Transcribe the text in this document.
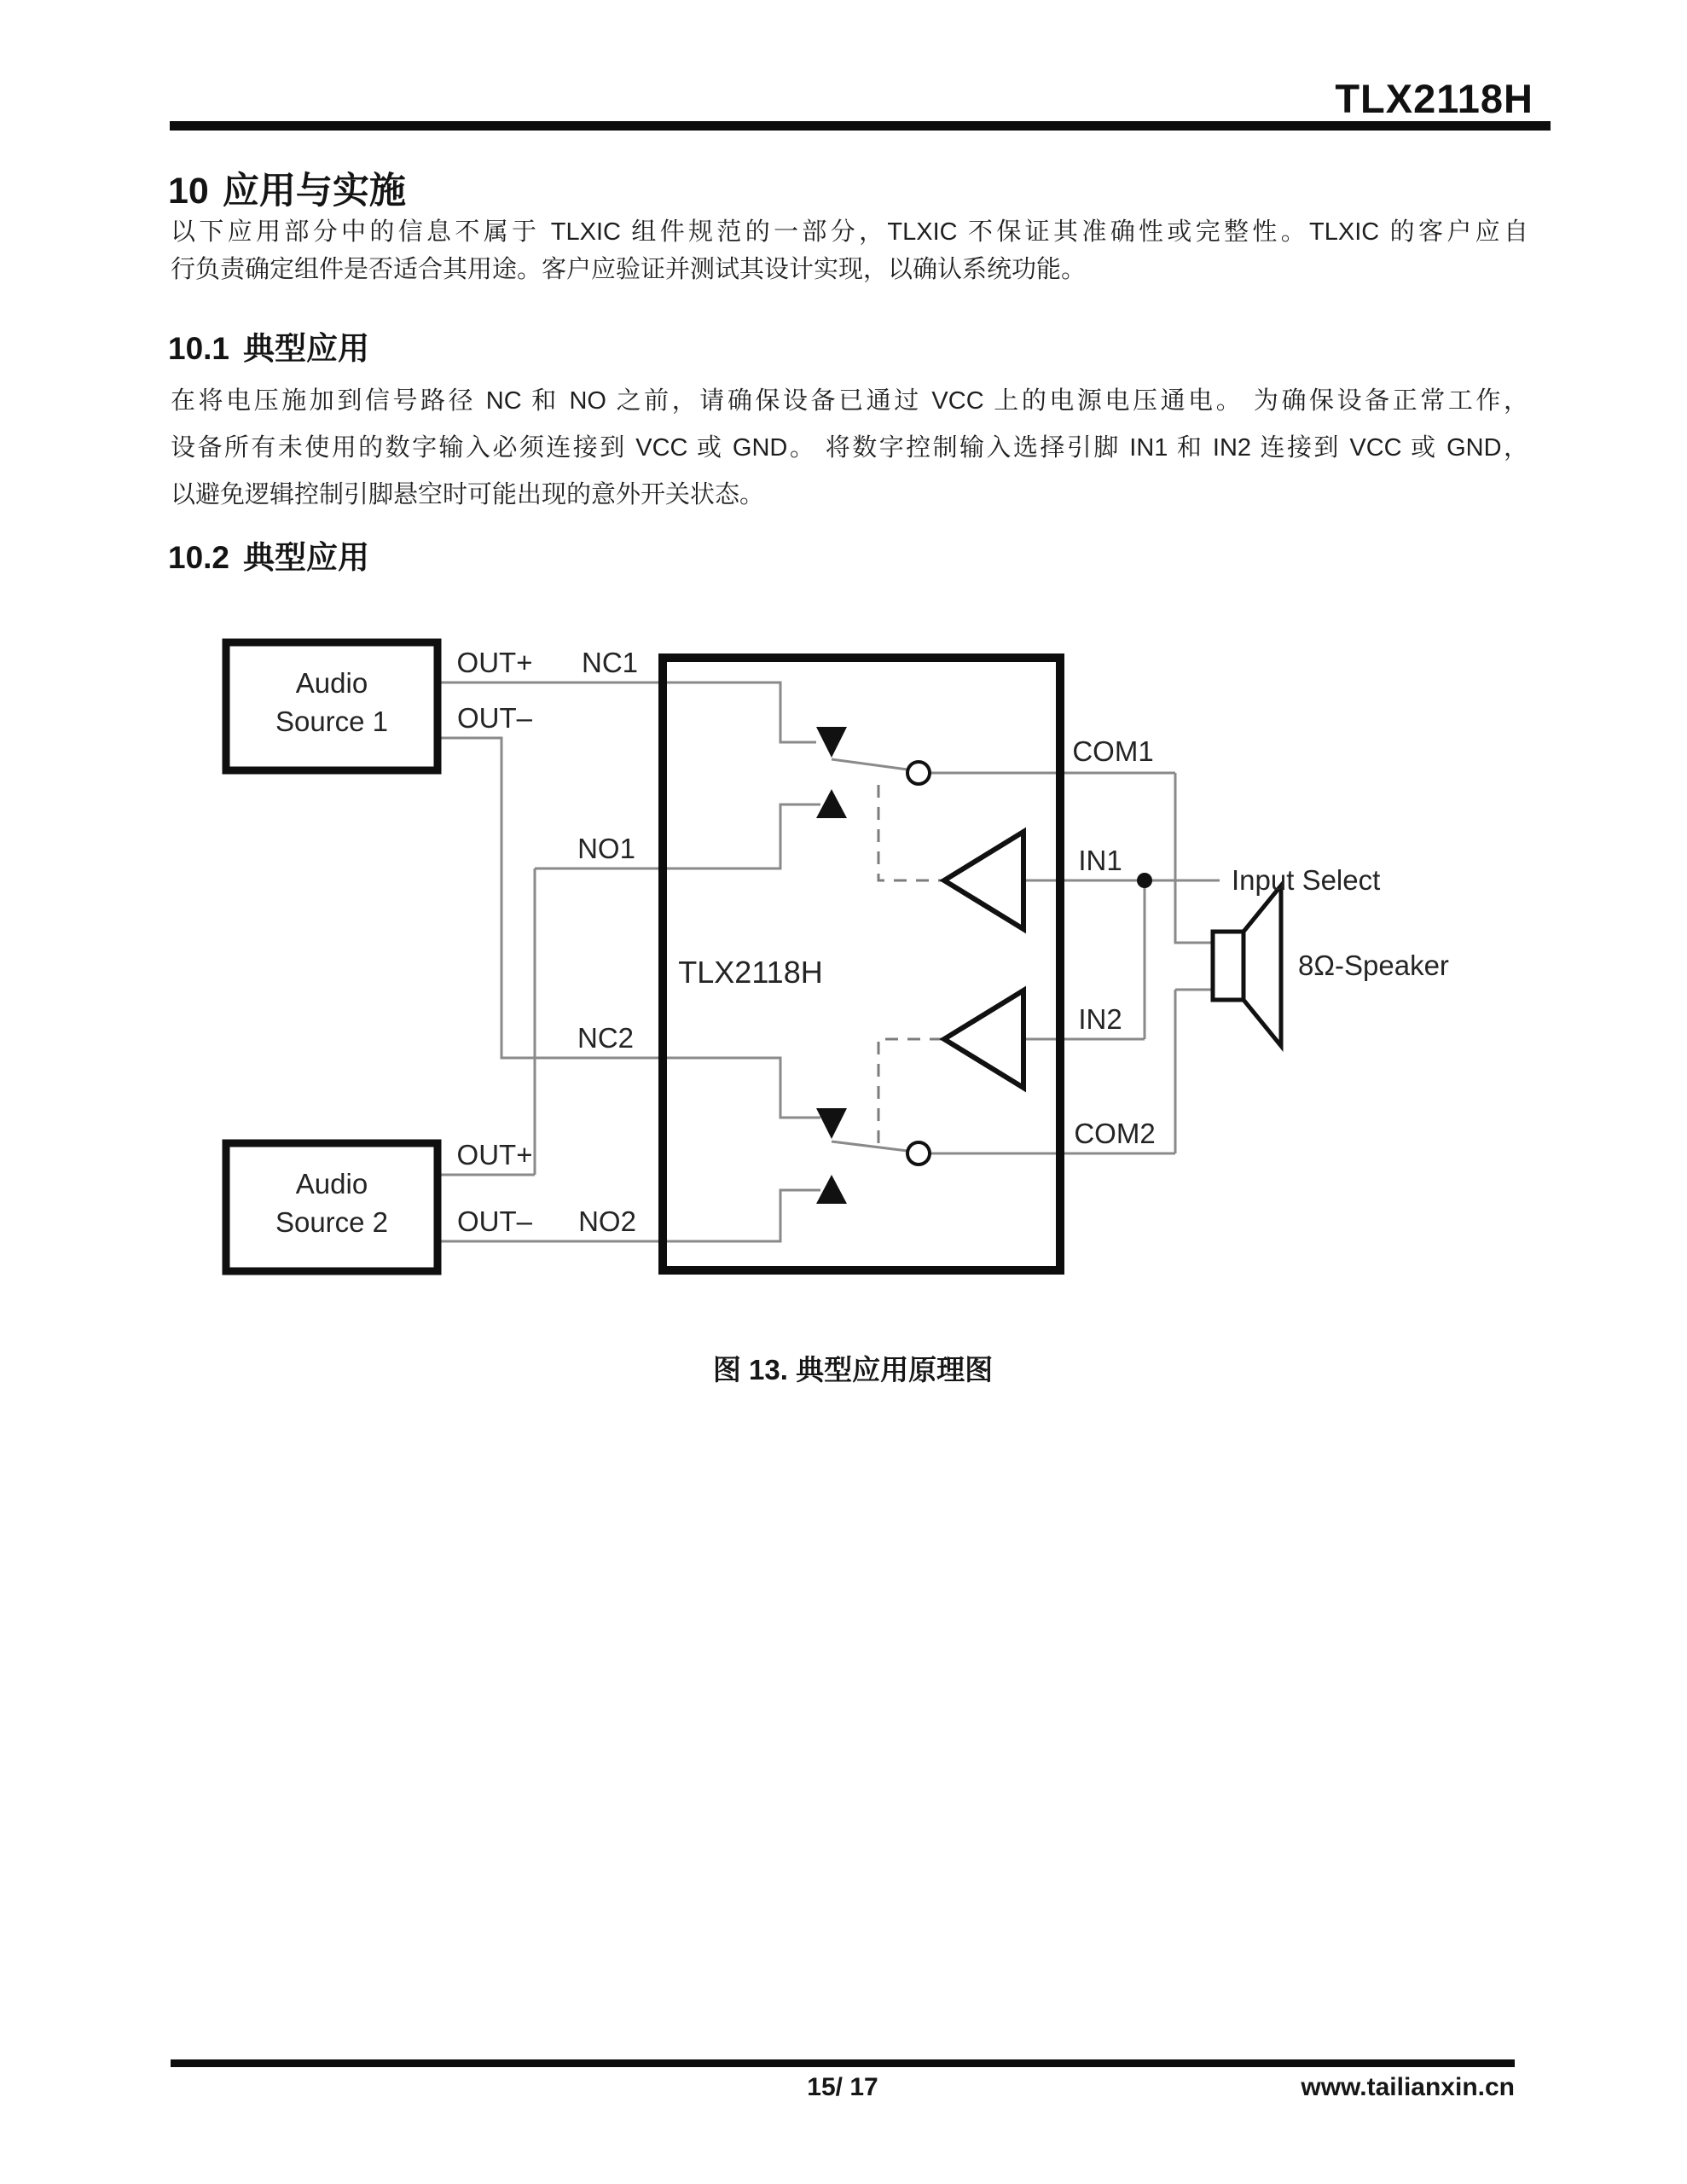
TLX2118H
10 应用与实施
以下应用部分中的信息不属于 TLXIC 组件规范的一部分，TLXIC 不保证其准确性或完整性。TLXIC 的客户应自
行负责确定组件是否适合其用途。客户应验证并测试其设计实现，以确认系统功能。
10.1 典型应用
在将电压施加到信号路径 NC 和 NO 之前，请确保设备已通过 VCC 上的电源电压通电。 为确保设备正常工作，
设备所有未使用的数字输入必须连接到 VCC 或 GND。 将数字控制输入选择引脚 IN1 和 IN2 连接到 VCC 或 GND，
以避免逻辑控制引脚悬空时可能出现的意外开关状态。
10.2 典型应用
Audio
Source 1
Audio
Source 2
TLX2118H
OUT+ NC1
OUT–
NO1
NC2
OUT+
OUT– NO2
COM1
IN1
IN2
COM2
Input Select
8Ω-Speaker
图 13. 典型应用原理图
15/ 17	www.tailianxin.cn
